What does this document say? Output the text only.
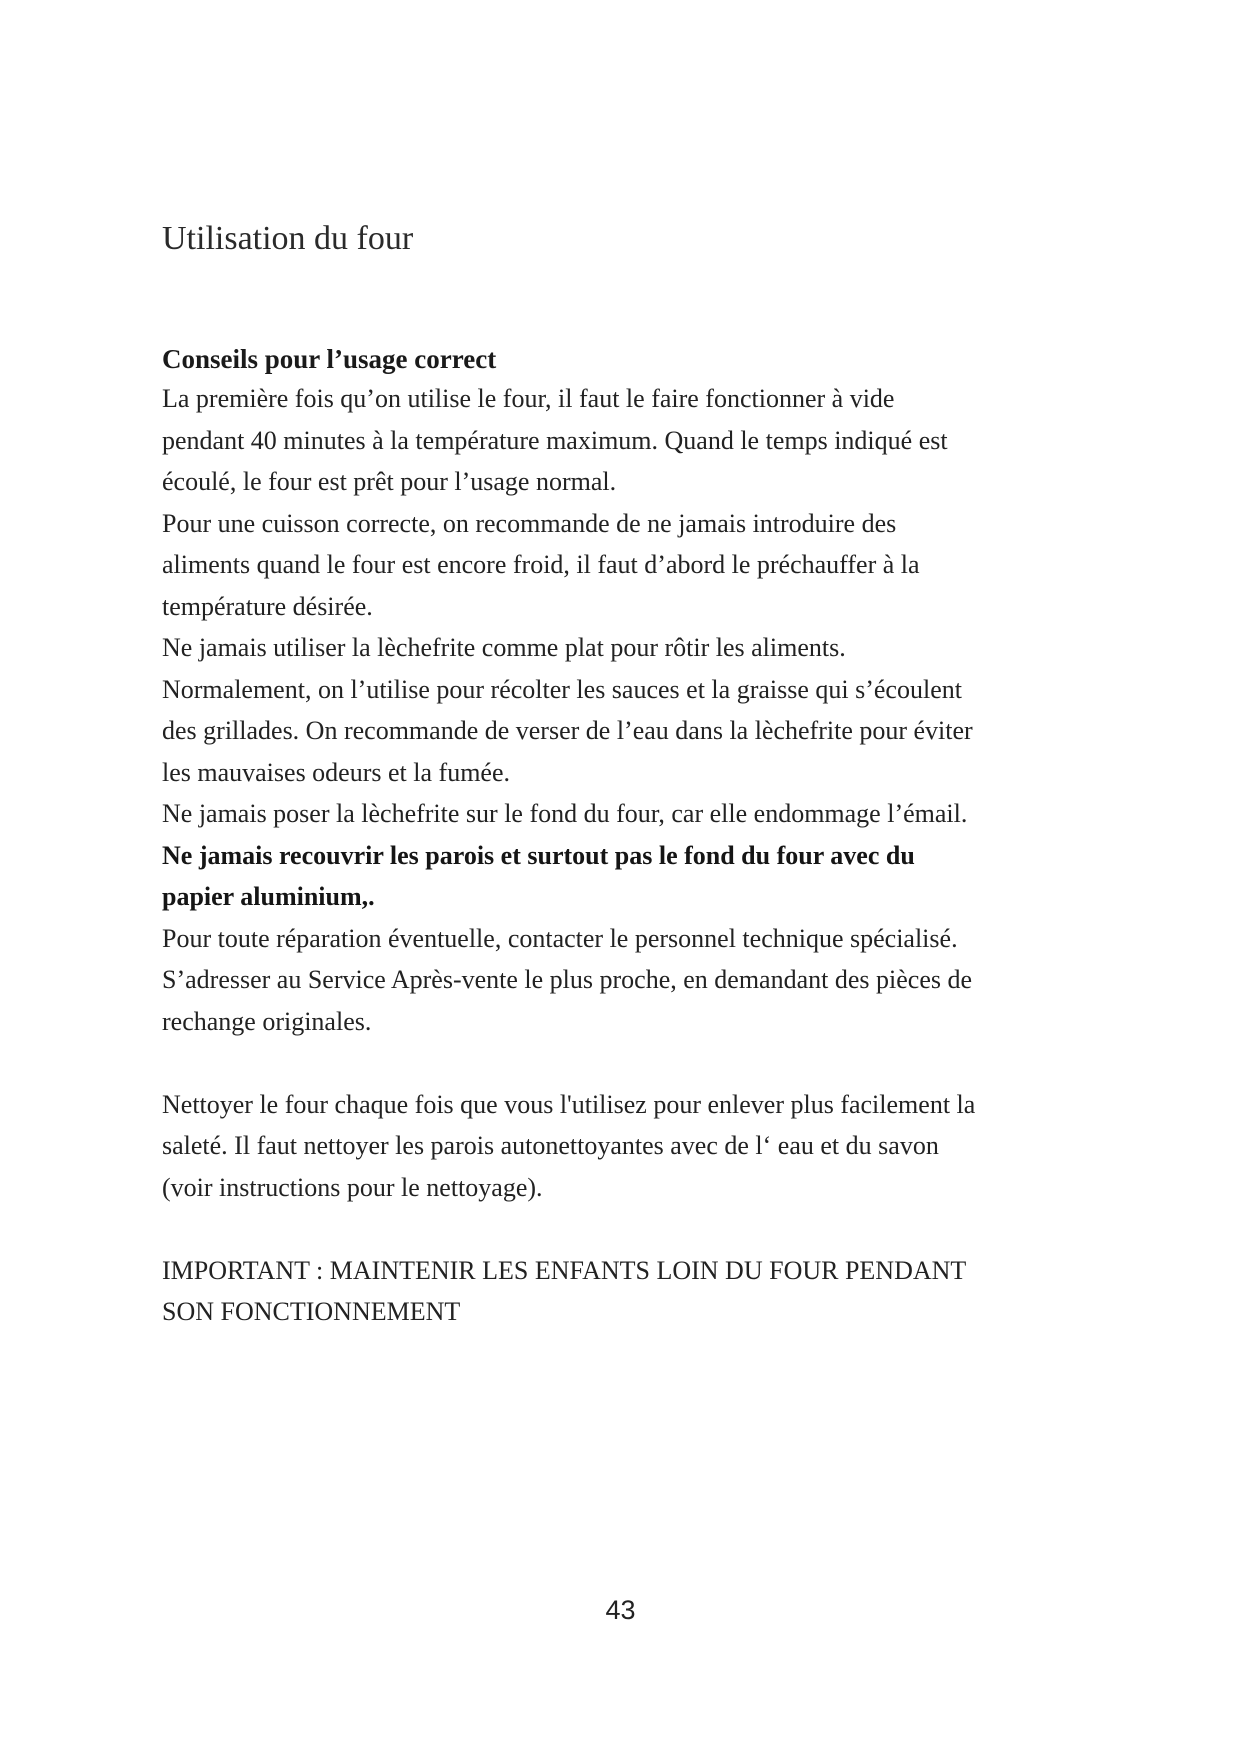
Utilisation du four
Conseils pour l’usage correct
La première fois qu’on utilise le four, il faut le faire fonctionner à vide
pendant 40 minutes à la température maximum. Quand le temps indiqué est
écoulé, le four est prêt pour l’usage normal.
Pour une cuisson correcte, on recommande de ne jamais introduire des
aliments quand le four est encore froid, il faut d’abord le préchauffer à la
température désirée.
Ne jamais utiliser la lèchefrite comme plat pour rôtir les aliments.
Normalement, on l’utilise pour récolter les sauces et la graisse qui s’écoulent
des grillades. On recommande de verser de l’eau dans la lèchefrite pour éviter
les mauvaises odeurs et la fumée.
Ne jamais poser la lèchefrite sur le fond du four, car elle endommage l’émail.
Ne jamais recouvrir les parois et surtout pas le fond du four avec du
papier aluminium,.
Pour toute réparation éventuelle, contacter le personnel technique spécialisé.
S’adresser au Service Après-vente le plus proche, en demandant des pièces de
rechange originales.
Nettoyer le four chaque fois que vous l'utilisez pour enlever plus facilement la
saleté. Il faut nettoyer les parois autonettoyantes avec de l‘ eau et du savon
(voir instructions pour le nettoyage).
IMPORTANT : MAINTENIR LES ENFANTS LOIN DU FOUR PENDANT
SON FONCTIONNEMENT
43
